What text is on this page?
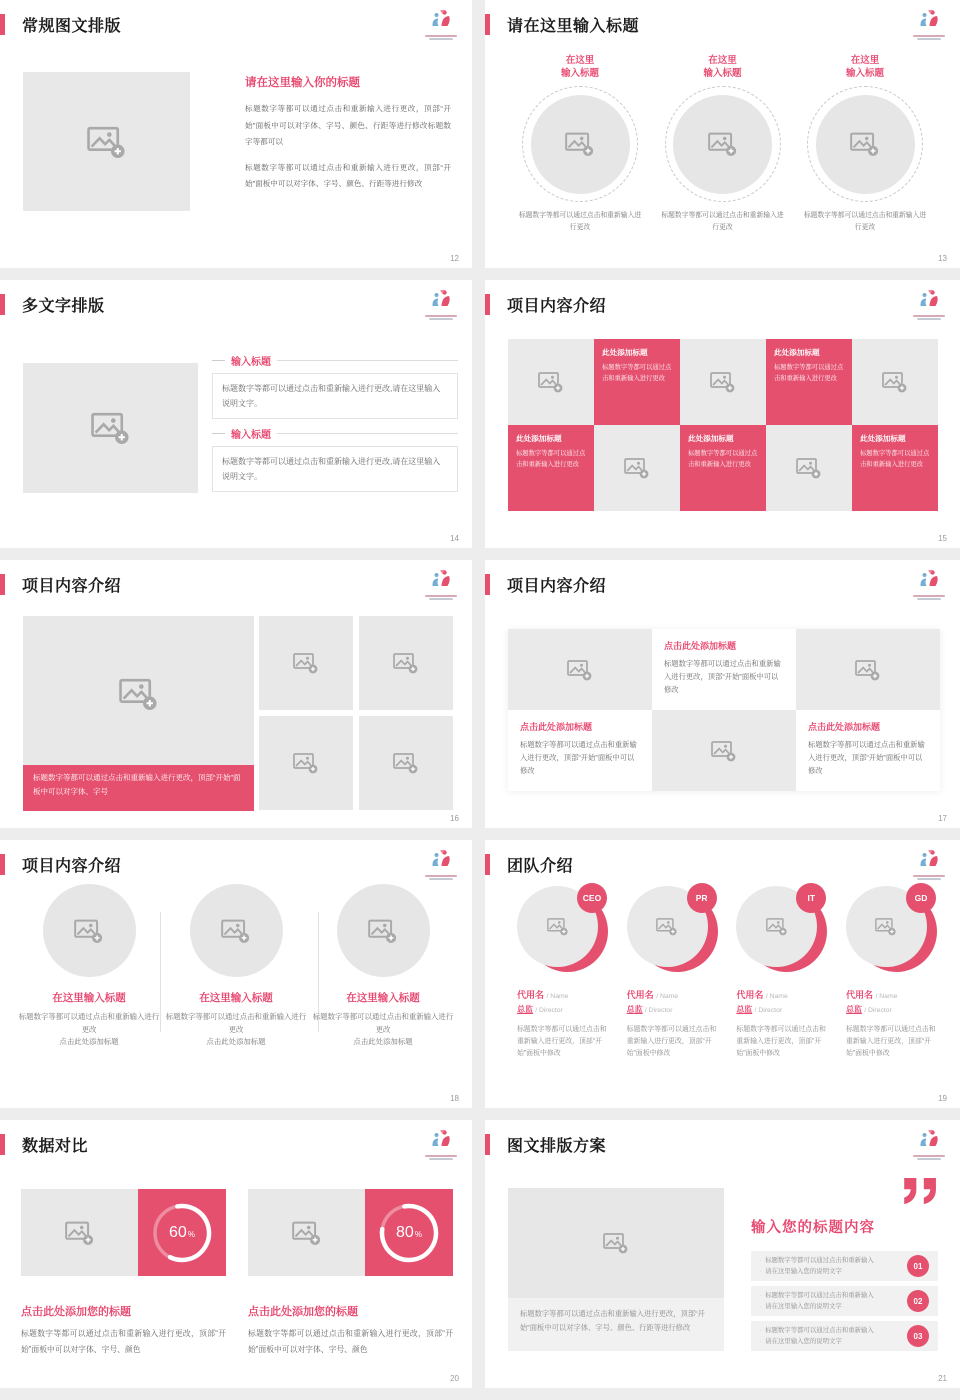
常规图文排版
请在这里输入你的标题
标题数字等都可以通过点击和重新输入进行更改，顶部“开始”面板中可以对字体、字号、颜色、行距等进行修改标题数字等都可以
标题数字等都可以通过点击和重新输入进行更改，顶部“开始”面板中可以对字体、字号、颜色、行距等进行修改
12
请在这里输入标题
在这里
输入标题
标题数字等都可以通过点击和重新输入进行更改
在这里
输入标题
标题数字等都可以通过点击和重新输入进行更改
在这里
输入标题
标题数字等都可以通过点击和重新输入进行更改
13
多文字排版
输入标题
标题数字等都可以通过点击和重新输入进行更改,请在这里输入说明文字。
输入标题
标题数字等都可以通过点击和重新输入进行更改,请在这里输入说明文字。
14
项目内容介绍
此处添加标题
标题数字等都可以通过点击和重新输入进行更改
此处添加标题
标题数字等都可以通过点击和重新输入进行更改
此处添加标题
标题数字等都可以通过点击和重新输入进行更改
此处添加标题
标题数字等都可以通过点击和重新输入进行更改
此处添加标题
标题数字等都可以通过点击和重新输入进行更改
15
项目内容介绍
标题数字等都可以通过点击和重新输入进行更改，顶部“开始”面板中可以对字体、字号
16
项目内容介绍
点击此处添加标题
标题数字等都可以通过点击和重新输入进行更改，顶部“开始”面板中可以修改
点击此处添加标题
标题数字等都可以通过点击和重新输入进行更改，顶部“开始”面板中可以修改
点击此处添加标题
标题数字等都可以通过点击和重新输入进行更改，顶部“开始”面板中可以修改
17
项目内容介绍
在这里输入标题
标题数字等都可以通过点击和重新输入进行更改
点击此处添加标题
在这里输入标题
标题数字等都可以通过点击和重新输入进行更改
点击此处添加标题
在这里输入标题
标题数字等都可以通过点击和重新输入进行更改
点击此处添加标题
18
团队介绍
CEO
代用名 / Name
总监 / Director
标题数字等都可以通过点击和重新输入进行更改，顶部“开始”面板中修改
PR
代用名 / Name
总监 / Director
标题数字等都可以通过点击和重新输入进行更改，顶部“开始”面板中修改
IT
代用名 / Name
总监 / Director
标题数字等都可以通过点击和重新输入进行更改，顶部“开始”面板中修改
GD
代用名 / Name
总监 / Director
标题数字等都可以通过点击和重新输入进行更改，顶部“开始”面板中修改
19
数据对比
60 %
点击此处添加您的标题
标题数字等都可以通过点击和重新输入进行更改，顶部“开始”面板中可以对字体、字号、颜色
80 %
点击此处添加您的标题
标题数字等都可以通过点击和重新输入进行更改，顶部“开始”面板中可以对字体、字号、颜色
20
图文排版方案
标题数字等都可以通过点击和重新输入进行更改，顶部“开始”面板中可以对字体、字号、颜色、行距等进行修改
输入您的标题内容
· 标题数字等都可以通过点击和重新输入
· 请在这里输入您的说明文字
01
· 标题数字等都可以通过点击和重新输入
· 请在这里输入您的说明文字
02
· 标题数字等都可以通过点击和重新输入
· 请在这里输入您的说明文字
03
21
